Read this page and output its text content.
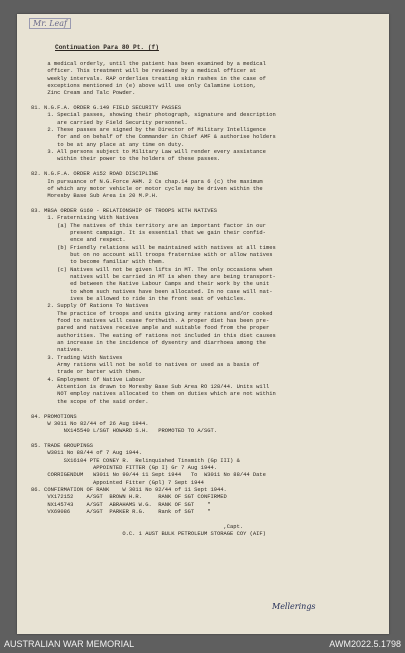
Mr. Leaf
Continuation Para 80 Pt. (f)
a medical orderly, until the patient has been examined by a medical
officer. This treatment will be reviewed by a medical officer at
weekly intervals. RAP orderlies treating skin rashes in the case of
exceptions mentioned in (e) above will use only Calamine Lotion,
Zinc Cream and Talc Powder.

81. N.G.F.A. ORDER G.149 FIELD SECURITY PASSES
1. Special passes, showing their photograph, signature and description
are carried by Field Security personnel.
2. These passes are signed by the Director of Military Intelligence
for and on behalf of the Commander in Chief AMF & authorise holders
to be at any place at any time on duty.
3. All persons subject to Military Law will render every assistance
within their power to the holders of these passes.

82. N.G.F.A. ORDER A152 ROAD DISCIPLINE
In pursuance of N.G.Force AHM. 2 Cs chap.14 para 6 (c) the maximum
of which any motor vehicle or motor cycle may be driven within the
Moresby Base Sub Area is 20 M.P.H.

83. MBSA ORDER G160 - RELATIONSHIP OF TROOPS WITH NATIVES
1. Fraternising With Natives
(a) The natives of this territory are an important factor in our
present campaign. It is essential that we gain their confid-
ence and respect.
(b) Friendly relations will be maintained with natives at all times
but on no account will troops fraternise with or allow natives
to become familiar with them.
(c) Natives will not be given lifts in MT. The only occasions when
natives will be carried in MT is when they are being transport-
ed between the Native Labour Camps and their work by the unit
to whom such natives have been allocated. In no case will nat-
ives be allowed to ride in the front seat of vehicles.
2. Supply Of Rations To Natives
The practice of troops and units giving army rations and/or cooked
food to natives will cease forthwith. A proper diet has been pre-
pared and natives receive ample and suitable food from the proper
authorities. The eating of rations not included in this diet causes
an increase in the incidence of dysentry and diarrhoea among the
natives.
3. Trading With Natives
Army rations will not be sold to natives or used as a basis of
trade or barter with them.
4. Employment Of Native Labour
Attention is drawn to Moresby Base Sub Area RO 128/44. Units will
NOT employ natives allocated to them on duties which are not within
the scope of the said order.

84. PROMOTIONS
W 3011 No 82/44 of 26 Aug 1944.
NX145540 L/SGT HOWARD S.H.   PROMOTED TO A/SGT.

85. TRADE GROUPINGS
W3011 No 88/44 of 7 Aug 1944.
SX16104 PTE CONEY R.  Relinquished Tinsmith (Gp III) &
APPOINTED FITTER (Gp I) Gr 7 Aug 1944.
CORRIGENDUM   W3011 No 90/44 11 Sept 1944   To  W3011 No 88/44 Date
Appointed Fitter (Gpl) 7 Sept 1944
86. CONFIRMATION OF RANK    W 3011 No 92/44 of 11 Sept 1944.
VX172152    A/SGT  BROWN H.R.     RANK OF SGT CONFIRMED
NX145743    A/SGT  ABRAHAMS W.G.  RANK OF SGT    "
VX69086     A/SGT  PARKER R.G.    Rank of SGT    "

,Capt.
O.C. 1 AUST BULK PETROLEUM STORAGE COY (AIF)
Mellerings
AUSTRALIAN WAR MEMORIAL	AWM2022.5.1798
